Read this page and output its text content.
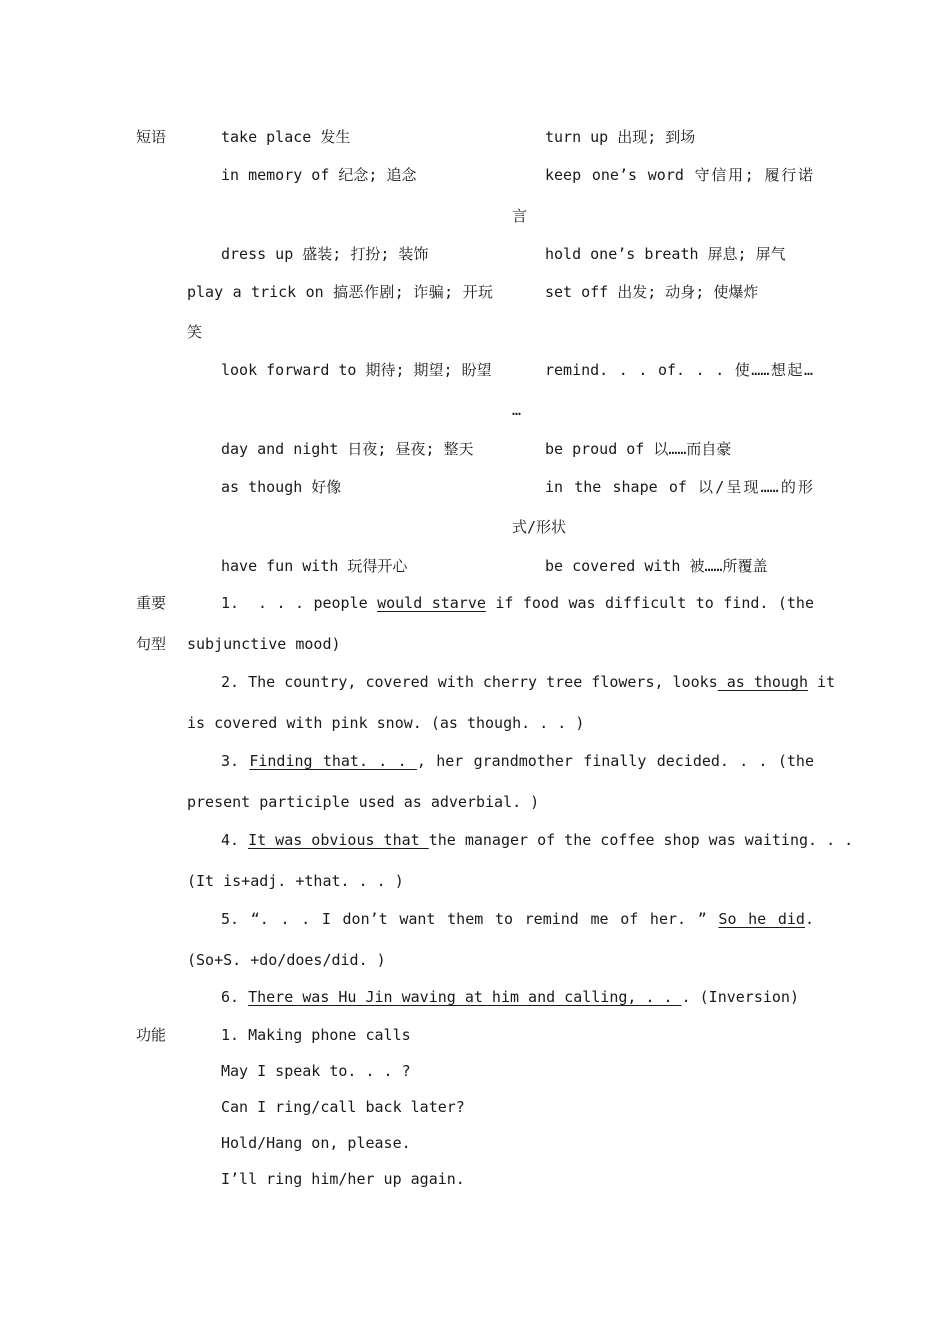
短语	take place 发生	turn up 出现; 到场
in memory of 纪念; 追念	keep one’s word 守信用; 履行诺
言
dress up 盛装; 打扮; 装饰	hold one’s breath 屏息; 屏气
play a trick on 搞恶作剧; 诈骗; 开玩	set off 出发; 动身; 使爆炸
笑
look forward to 期待; 期望; 盼望	remind. . . of. . . 使……想起…
…
day and night 日夜; 昼夜; 整天	be proud of 以……而自豪
as though 好像	in the shape of 以/呈现……的形
式/形状
have fun with 玩得开心	be covered with 被……所覆盖
重要
句型
1.  . . . people would starve if food was difficult to find. (the
subjunctive mood)
2. The country, covered with cherry tree flowers, looks as though it
is covered with pink snow. (as though. . . )
3. Finding that. . . , her grandmother finally decided. . . (the
present participle used as adverbial. )
4. It was obvious that the manager of the coffee shop was waiting. . .
(It is+adj. +that. . . )
5. “. . . I don’t want them to remind me of her. ” So he did.
(So+S. +do/does/did. )
6. There was Hu Jin waving at him and calling, . . . (Inversion)
功能	1. Making phone calls
May I speak to. . . ?
Can I ring/call back later?
Hold/Hang on, please.
I’ll ring him/her up again.
